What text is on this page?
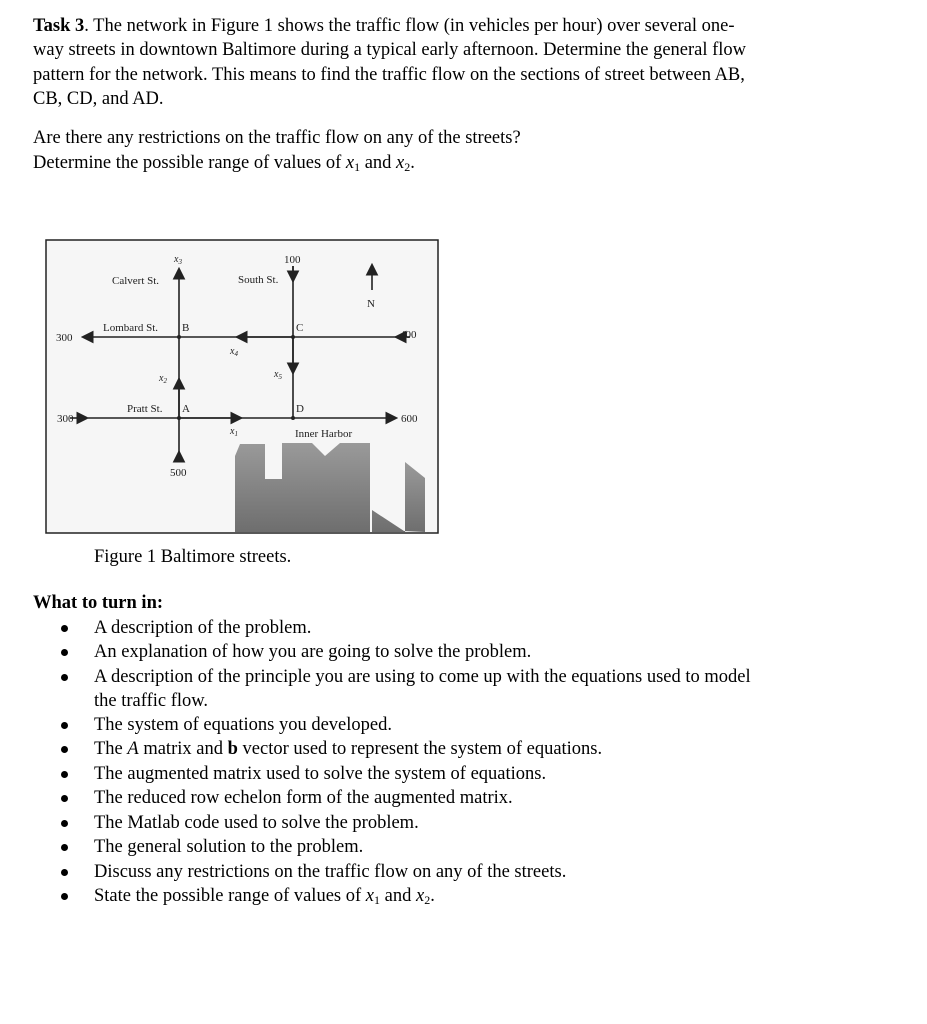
Task 3. The network in Figure 1 shows the traffic flow (in vehicles per hour) over several one-
way streets in downtown Baltimore during a typical early afternoon. Determine the general flow
pattern for the network. This means to find the traffic flow on the sections of street between AB,
CB, CD, and AD.
Are there any restrictions on the traffic flow on any of the streets?
Determine the possible range of values of $x_1$ and $x_2$.
Calvert St.	South St.
Lombard St.
Pratt St.
B	C
A	D
300	400
300	600
100
500
N
Inner Harbor
$x_3$
$x_4$
$x_2$
$x_5$
$x_1$
Figure 1 Baltimore streets.
What to turn in:
A description of the problem.
An explanation of how you are going to solve the problem.
A description of the principle you are using to come up with the equations used to model
the traffic flow.
The system of equations you developed.
The A matrix and b vector used to represent the system of equations.
The augmented matrix used to solve the system of equations.
The reduced row echelon form of the augmented matrix.
The Matlab code used to solve the problem.
The general solution to the problem.
Discuss any restrictions on the traffic flow on any of the streets.
State the possible range of values of $x_1$ and $x_2$.
